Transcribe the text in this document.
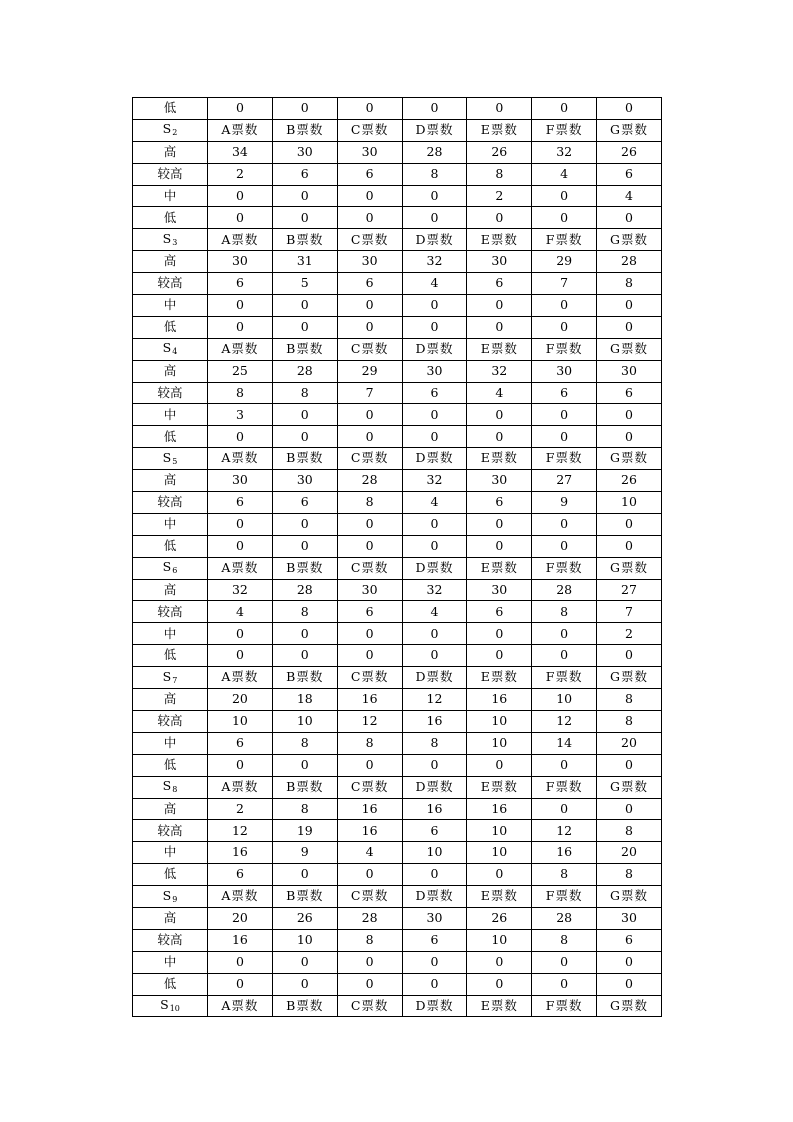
低	0	0	0	0	0	0	0
$S_2$	A票数	B票数	C票数	D票数	E票数	F票数	G票数
高	34	30	30	28	26	32	26
较高	2	6	6	8	8	4	6
中	0	0	0	0	2	0	4
低	0	0	0	0	0	0	0
$S_3$	A票数	B票数	C票数	D票数	E票数	F票数	G票数
高	30	31	30	32	30	29	28
较高	6	5	6	4	6	7	8
中	0	0	0	0	0	0	0
低	0	0	0	0	0	0	0
$S_4$	A票数	B票数	C票数	D票数	E票数	F票数	G票数
高	25	28	29	30	32	30	30
较高	8	8	7	6	4	6	6
中	3	0	0	0	0	0	0
低	0	0	0	0	0	0	0
$S_5$	A票数	B票数	C票数	D票数	E票数	F票数	G票数
高	30	30	28	32	30	27	26
较高	6	6	8	4	6	9	10
中	0	0	0	0	0	0	0
低	0	0	0	0	0	0	0
$S_6$	A票数	B票数	C票数	D票数	E票数	F票数	G票数
高	32	28	30	32	30	28	27
较高	4	8	6	4	6	8	7
中	0	0	0	0	0	0	2
低	0	0	0	0	0	0	0
$S_7$	A票数	B票数	C票数	D票数	E票数	F票数	G票数
高	20	18	16	12	16	10	8
较高	10	10	12	16	10	12	8
中	6	8	8	8	10	14	20
低	0	0	0	0	0	0	0
$S_8$	A票数	B票数	C票数	D票数	E票数	F票数	G票数
高	2	8	16	16	16	0	0
较高	12	19	16	6	10	12	8
中	16	9	4	10	10	16	20
低	6	0	0	0	0	8	8
$S_9$	A票数	B票数	C票数	D票数	E票数	F票数	G票数
高	20	26	28	30	26	28	30
较高	16	10	8	6	10	8	6
中	0	0	0	0	0	0	0
低	0	0	0	0	0	0	0
$S_{10}$	A票数	B票数	C票数	D票数	E票数	F票数	G票数
